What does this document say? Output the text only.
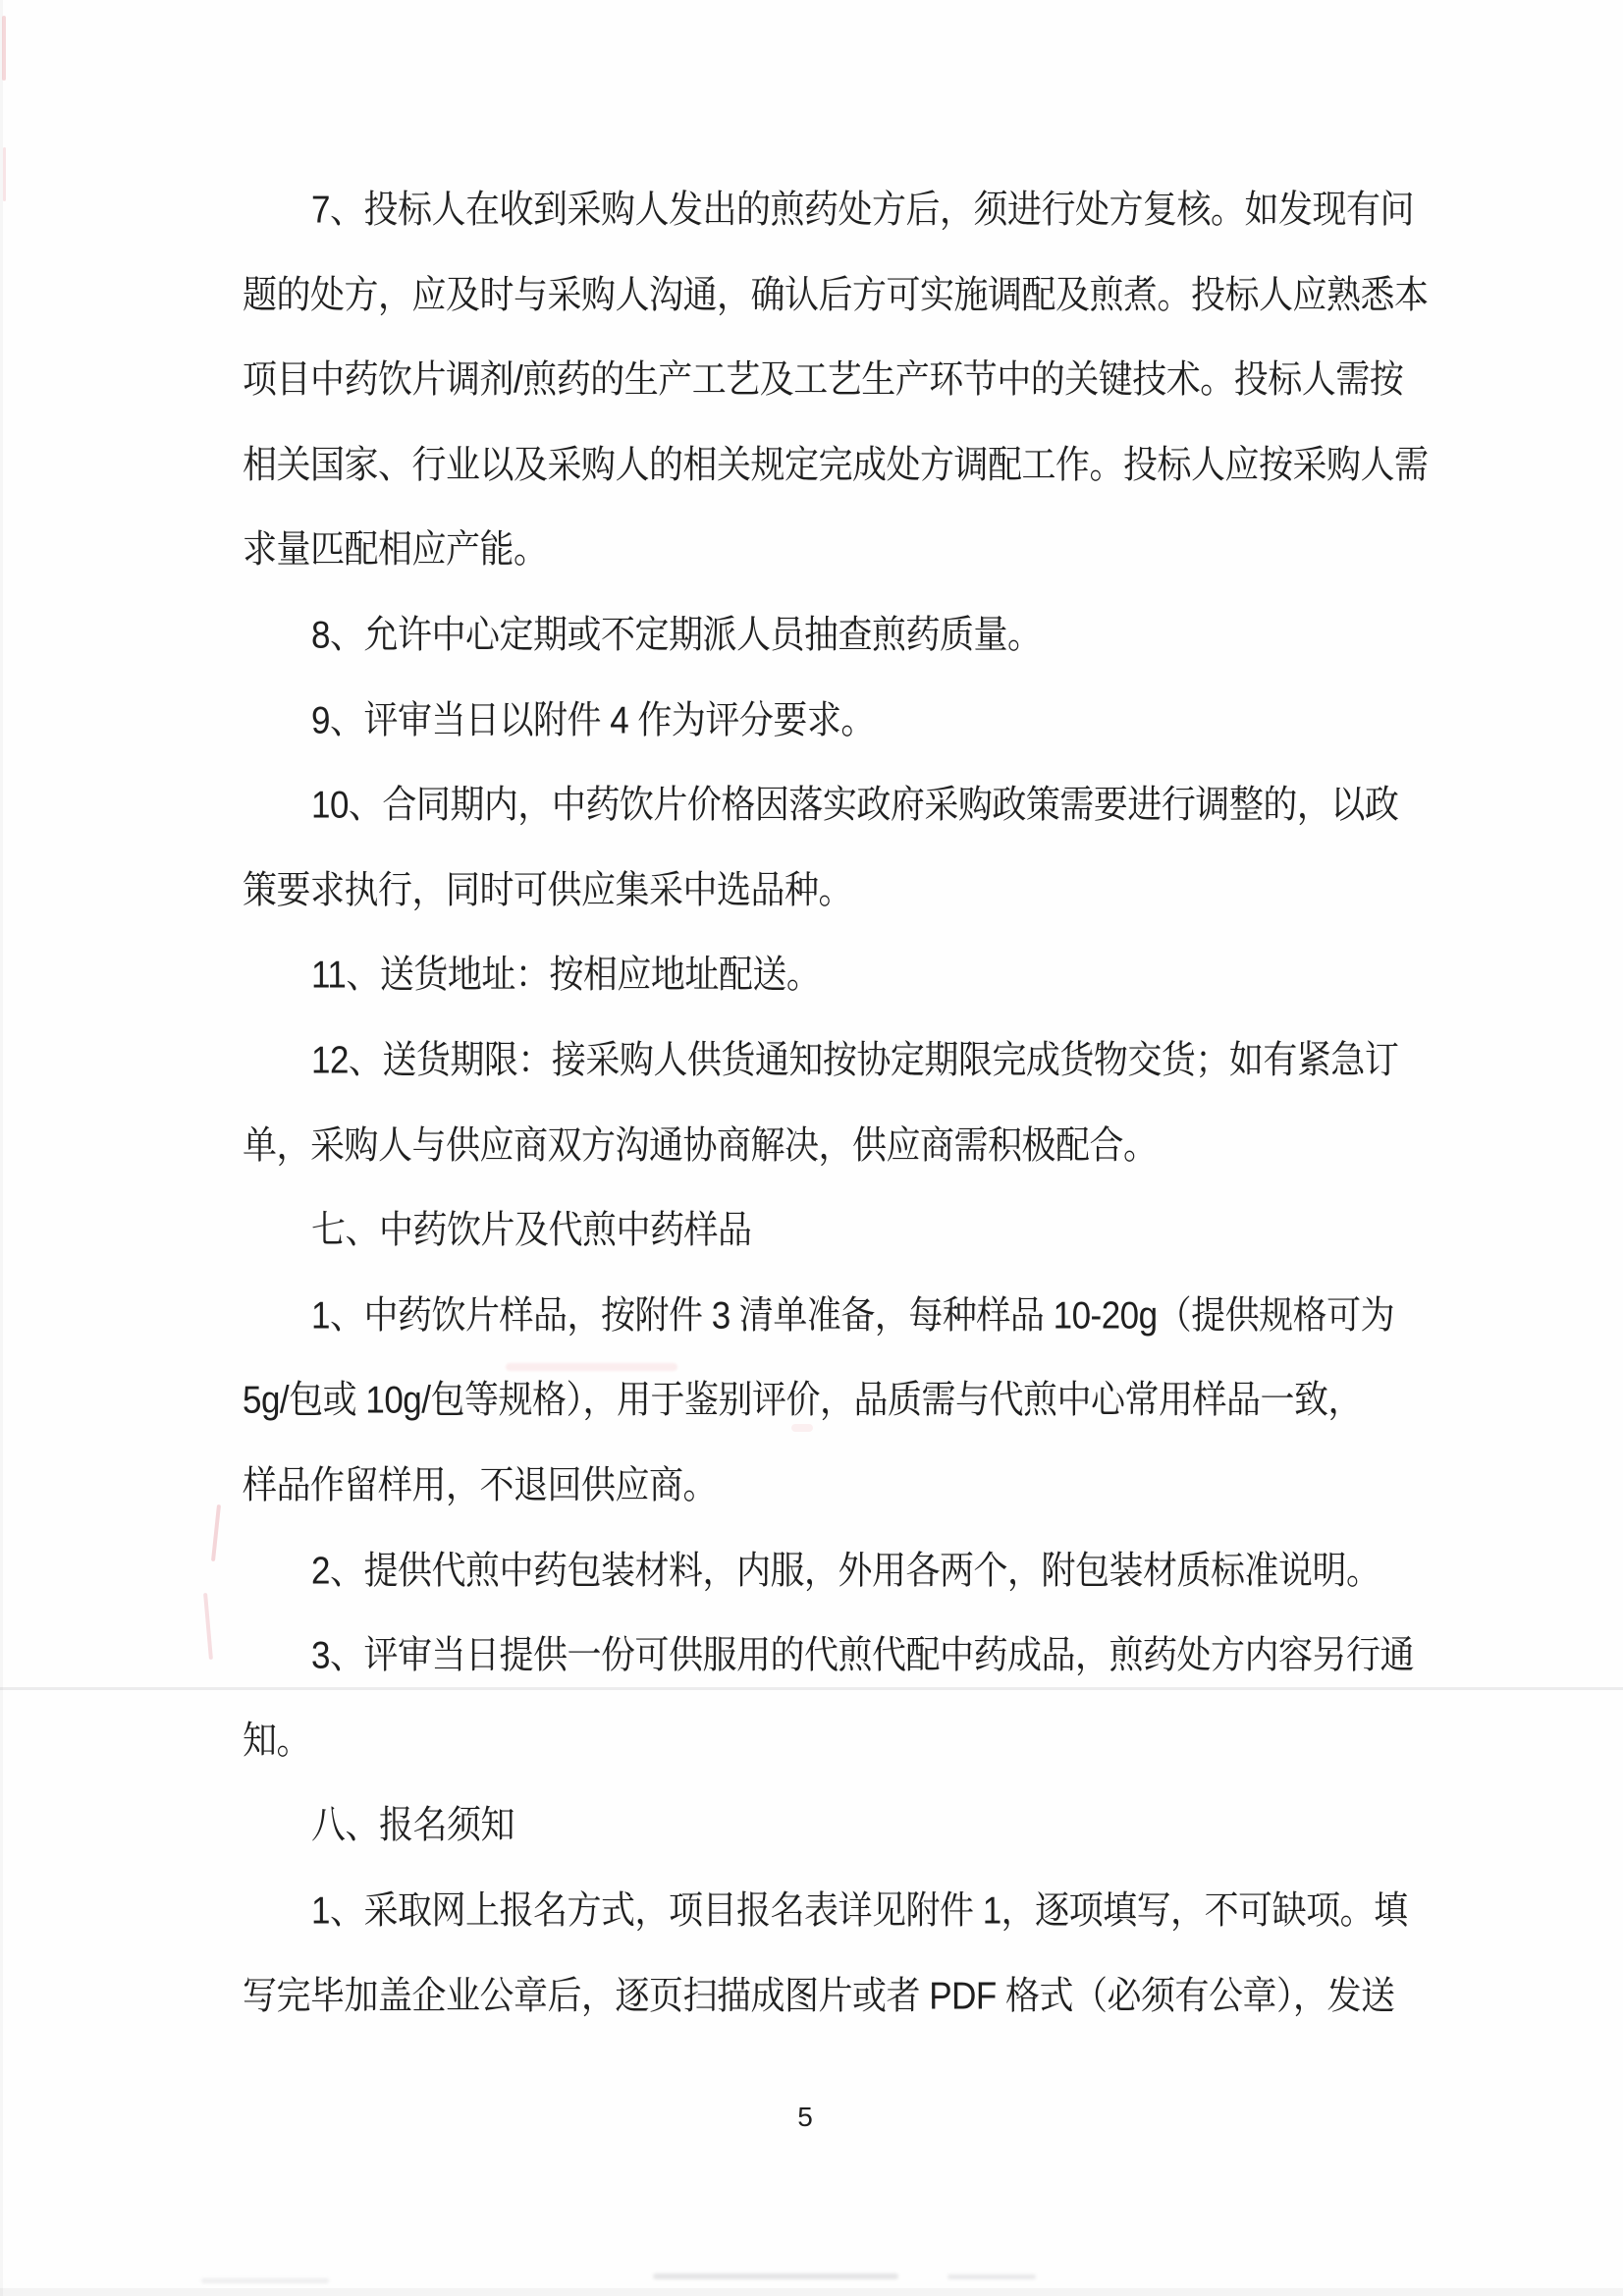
7、投标人在收到采购人发出的煎药处方后，须进行处方复核。如发现有问
题的处方，应及时与采购人沟通，确认后方可实施调配及煎煮。投标人应熟悉本
项目中药饮片调剂/煎药的生产工艺及工艺生产环节中的关键技术。投标人需按
相关国家、行业以及采购人的相关规定完成处方调配工作。投标人应按采购人需
求量匹配相应产能。
8、允许中心定期或不定期派人员抽查煎药质量。
9、评审当日以附件 4 作为评分要求。
10、合同期内，中药饮片价格因落实政府采购政策需要进行调整的，以政
策要求执行，同时可供应集采中选品种。
11、送货地址：按相应地址配送。
12、送货期限：接采购人供货通知按协定期限完成货物交货；如有紧急订
单，采购人与供应商双方沟通协商解决，供应商需积极配合。
七、中药饮片及代煎中药样品
1、中药饮片样品，按附件 3 清单准备，每种样品 10-20g（提供规格可为
5g/包或 10g/包等规格），用于鉴别评价，品质需与代煎中心常用样品一致，
样品作留样用，不退回供应商。
2、提供代煎中药包装材料，内服，外用各两个，附包装材质标准说明。
3、评审当日提供一份可供服用的代煎代配中药成品，煎药处方内容另行通
知。
八、报名须知
1、采取网上报名方式，项目报名表详见附件 1，逐项填写，不可缺项。填
写完毕加盖企业公章后，逐页扫描成图片或者 PDF 格式（必须有公章），发送
5
